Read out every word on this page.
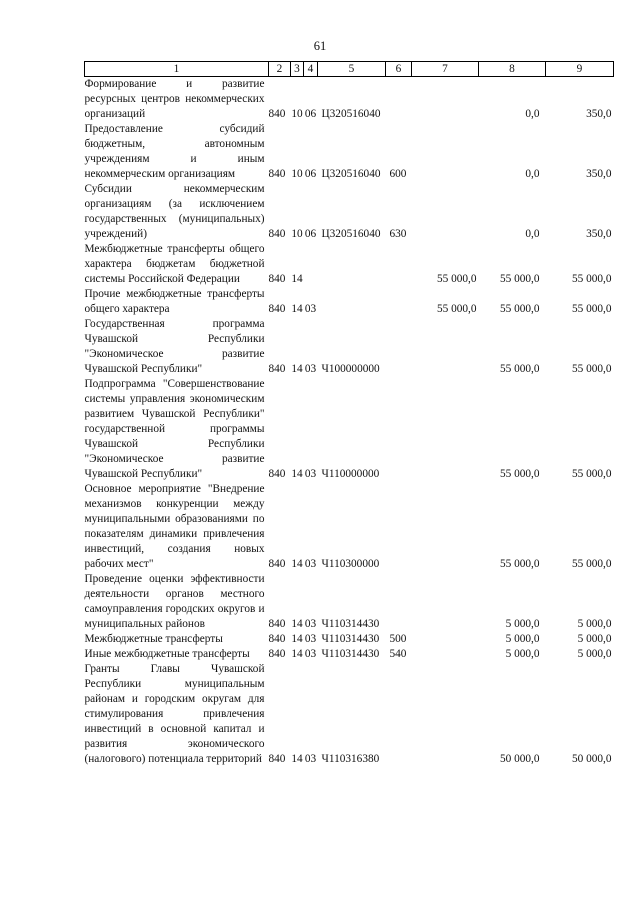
61
1	2	3	4	5	6	7	8	9
Формирование и развитие ресурсных центров некоммерческих организаций	840	10	06	Ц320516040			0,0	350,0
Предоставление субсидий бюджетным, автономным учреждениям и иным некоммерческим организациям	840	10	06	Ц320516040	600		0,0	350,0
Субсидии некоммерческим организациям (за исключением государственных (муниципальных) учреждений)	840	10	06	Ц320516040	630		0,0	350,0
Межбюджетные трансферты общего характера бюджетам бюджетной системы Российской Федерации	840	14				55 000,0	55 000,0	55 000,0
Прочие межбюджетные трансферты общего характера	840	14	03			55 000,0	55 000,0	55 000,0
Государственная программа Чувашской Республики "Экономическое развитие Чувашской Республики"	840	14	03	Ч100000000			55 000,0	55 000,0
Подпрограмма "Совершенствование системы управления экономическим развитием Чувашской Республики" государственной программы Чувашской Республики "Экономическое развитие Чувашской Республики"	840	14	03	Ч110000000			55 000,0	55 000,0
Основное мероприятие "Внедрение механизмов конкуренции между муниципальными образованиями по показателям динамики привлечения инвестиций, создания новых рабочих мест"	840	14	03	Ч110300000			55 000,0	55 000,0
Проведение оценки эффективности деятельности органов местного самоуправления городских округов и муниципальных районов	840	14	03	Ч110314430			5 000,0	5 000,0
Межбюджетные трансферты	840	14	03	Ч110314430	500		5 000,0	5 000,0
Иные межбюджетные трансферты	840	14	03	Ч110314430	540		5 000,0	5 000,0
Гранты Главы Чувашской Республики муниципальным районам и городским округам для стимулирования привлечения инвестиций в основной капитал и развития экономического (налогового) потенциала территорий	840	14	03	Ч110316380			50 000,0	50 000,0
